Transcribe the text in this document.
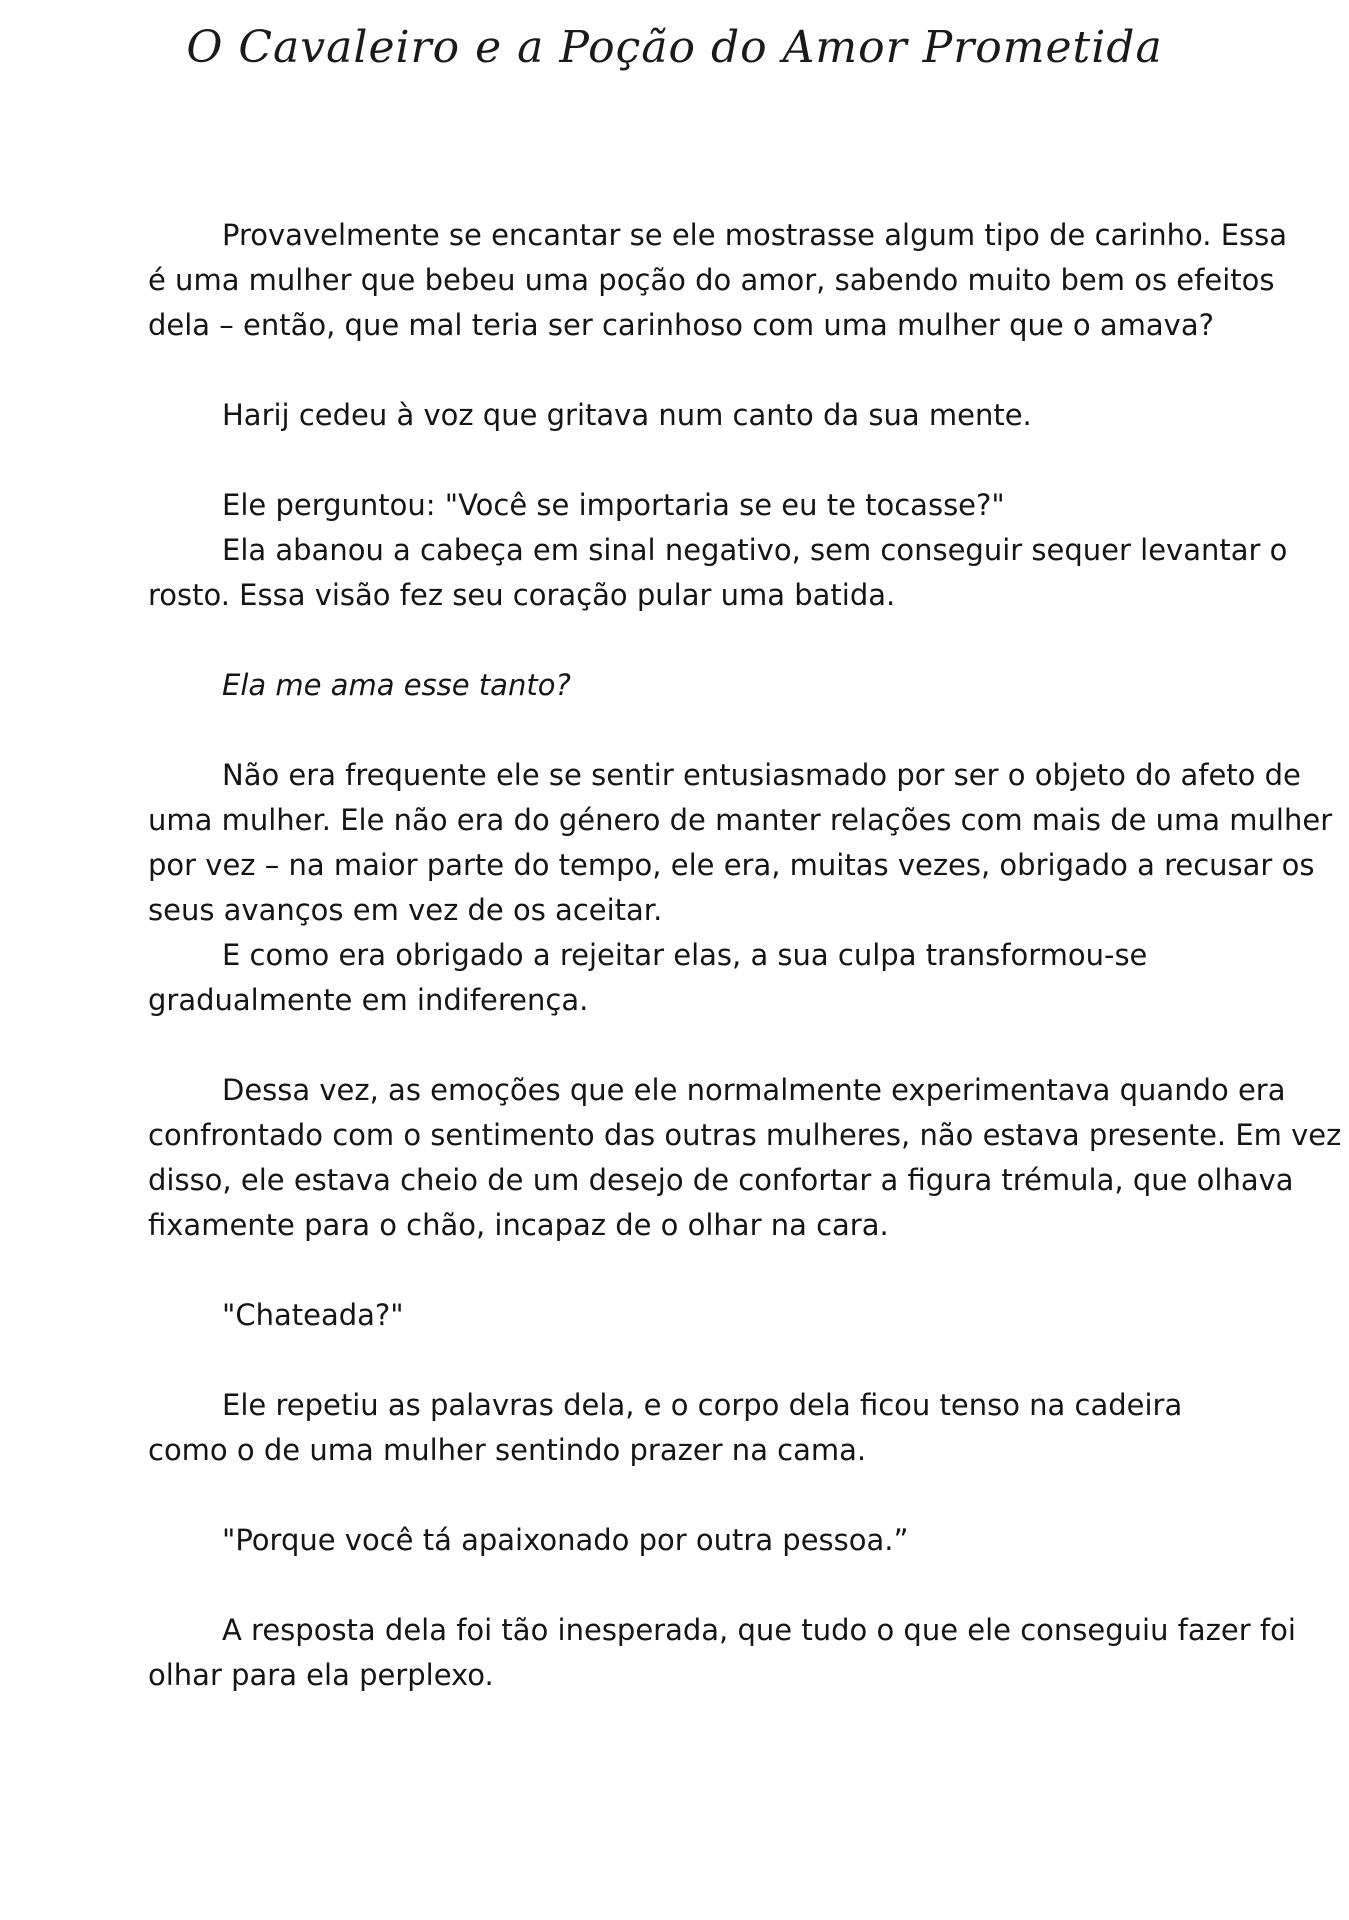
O Cavaleiro e a Poção do Amor Prometida
Provavelmente se encantar se ele mostrasse algum tipo de carinho. Essa
é uma mulher que bebeu uma poção do amor, sabendo muito bem os efeitos
dela – então, que mal teria ser carinhoso com uma mulher que o amava?
Harij cedeu à voz que gritava num canto da sua mente.
Ele perguntou: "Você se importaria se eu te tocasse?"
Ela abanou a cabeça em sinal negativo, sem conseguir sequer levantar o
rosto. Essa visão fez seu coração pular uma batida.
Ela me ama esse tanto?
Não era frequente ele se sentir entusiasmado por ser o objeto do afeto de
uma mulher. Ele não era do género de manter relações com mais de uma mulher
por vez – na maior parte do tempo, ele era, muitas vezes, obrigado a recusar os
seus avanços em vez de os aceitar.
E como era obrigado a rejeitar elas, a sua culpa transformou-se
gradualmente em indiferença.
Dessa vez, as emoções que ele normalmente experimentava quando era
confrontado com o sentimento das outras mulheres, não estava presente. Em vez
disso, ele estava cheio de um desejo de confortar a figura trémula, que olhava
fixamente para o chão, incapaz de o olhar na cara.
"Chateada?"
Ele repetiu as palavras dela, e o corpo dela ficou tenso na cadeira
como o de uma mulher sentindo prazer na cama.
"Porque você tá apaixonado por outra pessoa.”
A resposta dela foi tão inesperada, que tudo o que ele conseguiu fazer foi
olhar para ela perplexo.
